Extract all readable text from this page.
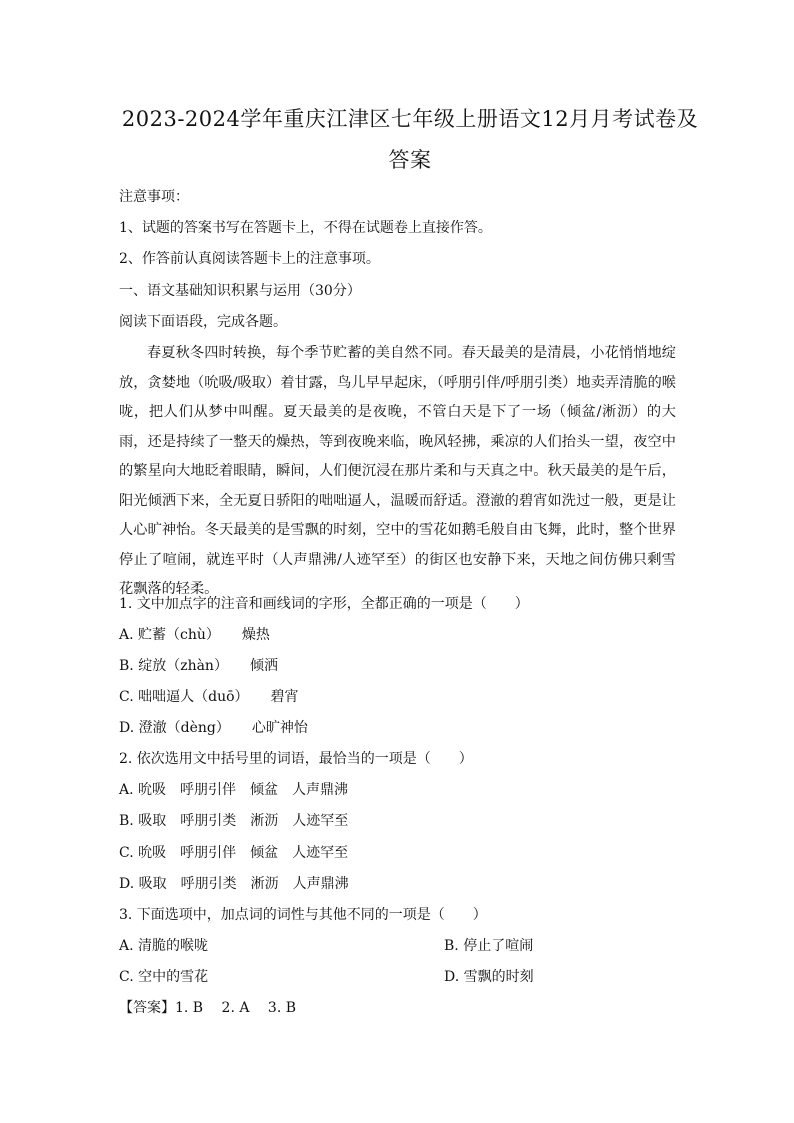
2023-2024学年重庆江津区七年级上册语文12月月考试卷及
答案
注意事项：
1、试题的答案书写在答题卡上，不得在试题卷上直接作答。
2、作答前认真阅读答题卡上的注意事项。
一、语文基础知识积累与运用（30分）
阅读下面语段，完成各题。
春夏秋冬四时转换，每个季节贮蓄的美自然不同。春天最美的是清晨，小花悄悄地绽放，贪婪地（吮吸/吸取）着甘露，鸟儿早早起床，（呼朋引伴/呼朋引类）地卖弄清脆的喉咙，把人们从梦中叫醒。夏天最美的是夜晚，不管白天是下了一场（倾盆/淅沥）的大雨，还是持续了一整天的燥热，等到夜晚来临，晚风轻拂，乘凉的人们抬头一望，夜空中的繁星向大地眨着眼睛，瞬间，人们便沉浸在那片柔和与天真之中。秋天最美的是午后，阳光倾洒下来，全无夏日骄阳的咄咄逼人，温暖而舒适。澄澈的碧宵如洗过一般，更是让人心旷神怡。冬天最美的是雪飘的时刻，空中的雪花如鹅毛般自由飞舞，此时，整个世界停止了喧闹，就连平时（人声鼎沸/人迹罕至）的街区也安静下来，天地之间仿佛只剩雪花飘落的轻柔。
1. 文中加点字的注音和画线词的字形，全都正确的一项是（　　）
A. 贮蓄（chù） 燥热
B. 绽放（zhàn） 倾洒
C. 咄咄逼人（duō） 碧宵
D. 澄澈（dèng） 心旷神怡
2. 依次选用文中括号里的词语，最恰当的一项是（　　）
A. 吮吸　呼朋引伴　倾盆　人声鼎沸
B. 吸取　呼朋引类　淅沥　人迹罕至
C. 吮吸　呼朋引伴　倾盆　人迹罕至
D. 吸取　呼朋引类　淅沥　人声鼎沸
3. 下面选项中，加点词的词性与其他不同的一项是（　　）
A. 清脆的喉咙	B. 停止了喧闹
C. 空中的雪花	D. 雪飘的时刻
【答案】1. B　 2. A　 3. B
